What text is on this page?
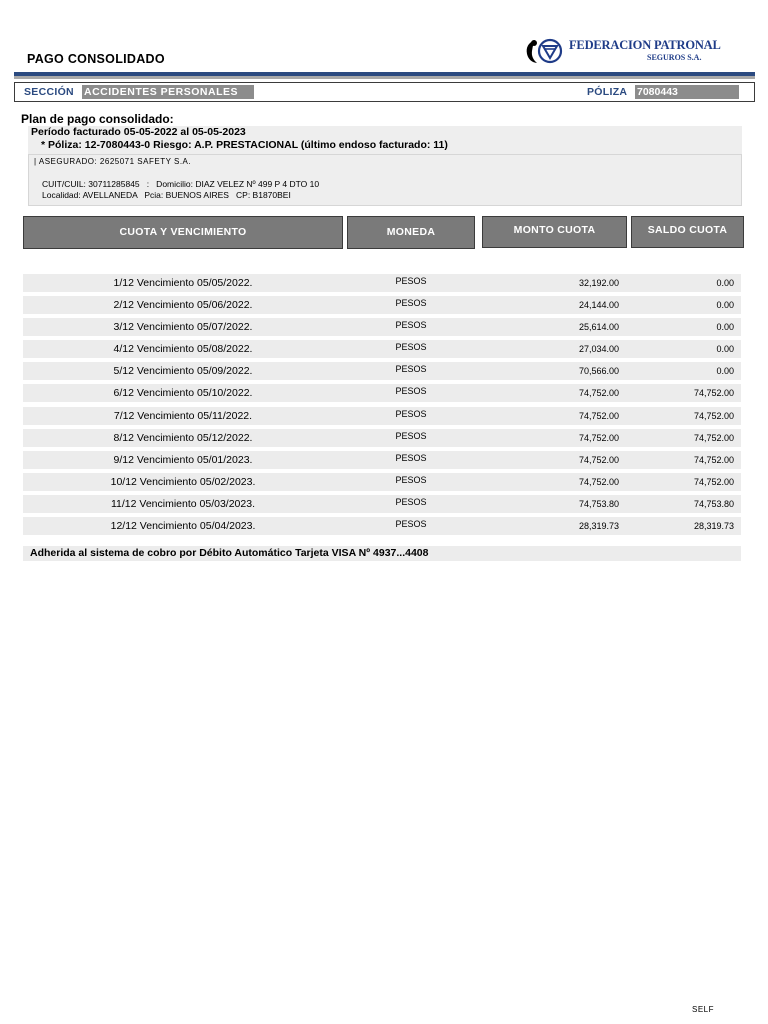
PAGO CONSOLIDADO
FEDERACION PATRONAL
SEGUROS S.A.
SECCIÓN ACCIDENTES PERSONALES	PÓLIZA 7080443
Plan de pago consolidado:
Período facturado 05-05-2022 al 05-05-2023
* Póliza: 12-7080443-0 Riesgo: A.P. PRESTACIONAL (último endoso facturado: 11)
| ASEGURADO: 2625071 SAFETY S.A.
CUIT/CUIL: 30711285845   :   Domicilio: DIAZ VELEZ Nº 499 P 4 DTO 10
Localidad: AVELLANEDA   Pcia: BUENOS AIRES   CP: B1870BEI
CUOTA Y VENCIMIENTO	MONEDA	MONTO CUOTA	SALDO CUOTA
1/12 Vencimiento 05/05/2022.	PESOS	32,192.00	0.00
2/12 Vencimiento 05/06/2022.	PESOS	24,144.00	0.00
3/12 Vencimiento 05/07/2022.	PESOS	25,614.00	0.00
4/12 Vencimiento 05/08/2022.	PESOS	27,034.00	0.00
5/12 Vencimiento 05/09/2022.	PESOS	70,566.00	0.00
6/12 Vencimiento 05/10/2022.	PESOS	74,752.00	74,752.00
7/12 Vencimiento 05/11/2022.	PESOS	74,752.00	74,752.00
8/12 Vencimiento 05/12/2022.	PESOS	74,752.00	74,752.00
9/12 Vencimiento 05/01/2023.	PESOS	74,752.00	74,752.00
10/12 Vencimiento 05/02/2023.	PESOS	74,752.00	74,752.00
11/12 Vencimiento 05/03/2023.	PESOS	74,753.80	74,753.80
12/12 Vencimiento 05/04/2023.	PESOS	28,319.73	28,319.73
Adherida al sistema de cobro por Débito Automático Tarjeta VISA Nº 4937...4408
SELF
